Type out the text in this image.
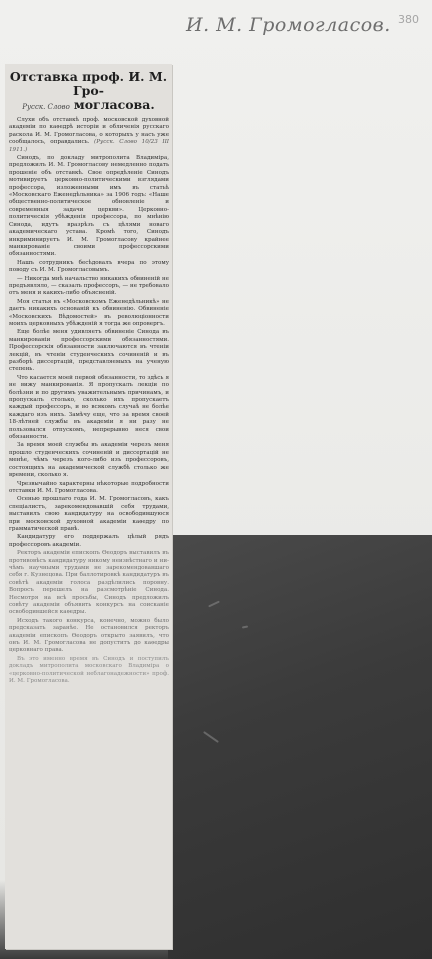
И. М. Громогласов. 380
Отставка проф. И. М. Гро-
Русск. Слово могласова.

Слухи объ отставкѣ проф. московской духовной академіи по каѳедрѣ исторіи и обличенія русскаго раскола И. М. Громогласова, о которыхъ у насъ уже сообщалось, оправдались. (Русск. Слово 10/23 III 1911.)

Синодъ, по докладу митрополита Владиміра, предложилъ И. М. Громогласову немедленно подать прошеніе объ отставкѣ. Свое опредѣленіе Синодъ мотивируетъ церковно-политическими взглядами профессора, изложенными имъ въ статьѣ «Московскаго Еженедѣльника» за 1906 годъ: «Наше общественно-политическое обновленіе и современныя задачи церкви». Церковно-политическія убѣжденія профессора, по мнѣнію Синода, идутъ вразрѣзъ съ цѣлями новаго академическаго устава. Кромѣ того, Синодъ инкриминируетъ И. М. Громогласову крайнее манкированіе своими профессорскими обязанностями.

Нашъ сотрудникъ бесѣдовалъ вчера по этому поводу съ И. М. Громогласовымъ.

— Никогда мнѣ начальство никакихъ обвиненій не предъявляло, — сказалъ профессоръ, — не требовало отъ меня и какихъ-либо объясненій.

Моя статья въ «Московскомъ Еженедѣльникѣ» не даетъ никакихъ основаній къ обвиненію. Обвиненіе «Московскихъ Вѣдомостей» въ революціонности моихъ церковныхъ убѣжденій я тогда же опровергъ.

Еще болѣе меня удивляетъ обвиненіе Синода въ манкированіи профессорскими обязанностями. Профессорскія обязанности заключаются въ чтеніи лекцій, въ чтеніи студенческихъ сочиненій и въ разборѣ диссертацій, представляемыхъ на ученую степень.

Что касается моей первой обязанности, то здѣсь я не вижу манкированія. Я пропускалъ лекціи по болѣзни и по другимъ уважительнымъ причинамъ, и пропускалъ столько, сколько ихъ пропускаетъ каждый профессоръ, и во всякомъ случаѣ не болѣе каждаго изъ нихъ. Замѣчу еще, что за время своей 18-лѣтней службы въ академіи я ни разу не пользовался отпускомъ, непрерывно неся свои обязанности.

За время моей службы въ академіи черезъ меня прошло студенческихъ сочиненій и диссертацій не менѣе, чѣмъ черезъ кого-либо изъ профессоровъ, состоящихъ на академической службѣ столько же времени, сколько я.

Чрезвычайно характерны нѣкоторые подробности отставки И. М. Громогласова.

Осенью прошлаго года И. М. Громогласовъ, какъ спеціалистъ, зарекомендовавшій себя трудами, выставилъ свою кандидатуру на освободившуюся при московской духовной академіи каѳедру по грамматической правѣ.

Кандидатуру его поддержалъ цѣлый рядъ профессоровъ академіи.

Ректоръ академіи епископъ Ѳеодоръ выставилъ въ противовѣсъ кандидатуру никому неизвѣстнаго и ни-чѣмъ научными трудами не зарекомендовавшаго себя г. Кузнецова. При баллотировкѣ кандидатуръ въ совѣтѣ академіи голоса раздѣлились поровну. Вопросъ перешелъ на разсмотрѣніе Синода. Несмотря на всѣ просьбы, Синодъ предложилъ совѣту академіи объявить конкурсъ на соисканіе освободившейся каѳедры.

Исходъ такого конкурса, конечно, можно было предсказать заранѣе. Не остановился ректоръ академіи епископъ Ѳеодоръ открыто заявилъ, что онъ И. М. Громогласова не допуститъ до каѳедры церковнаго права.

Въ это именно время въ Синодъ и поступилъ докладъ митрополита московскаго Владиміра о «церковно-политической неблагонадежности» проф. И. М. Громогласова.
